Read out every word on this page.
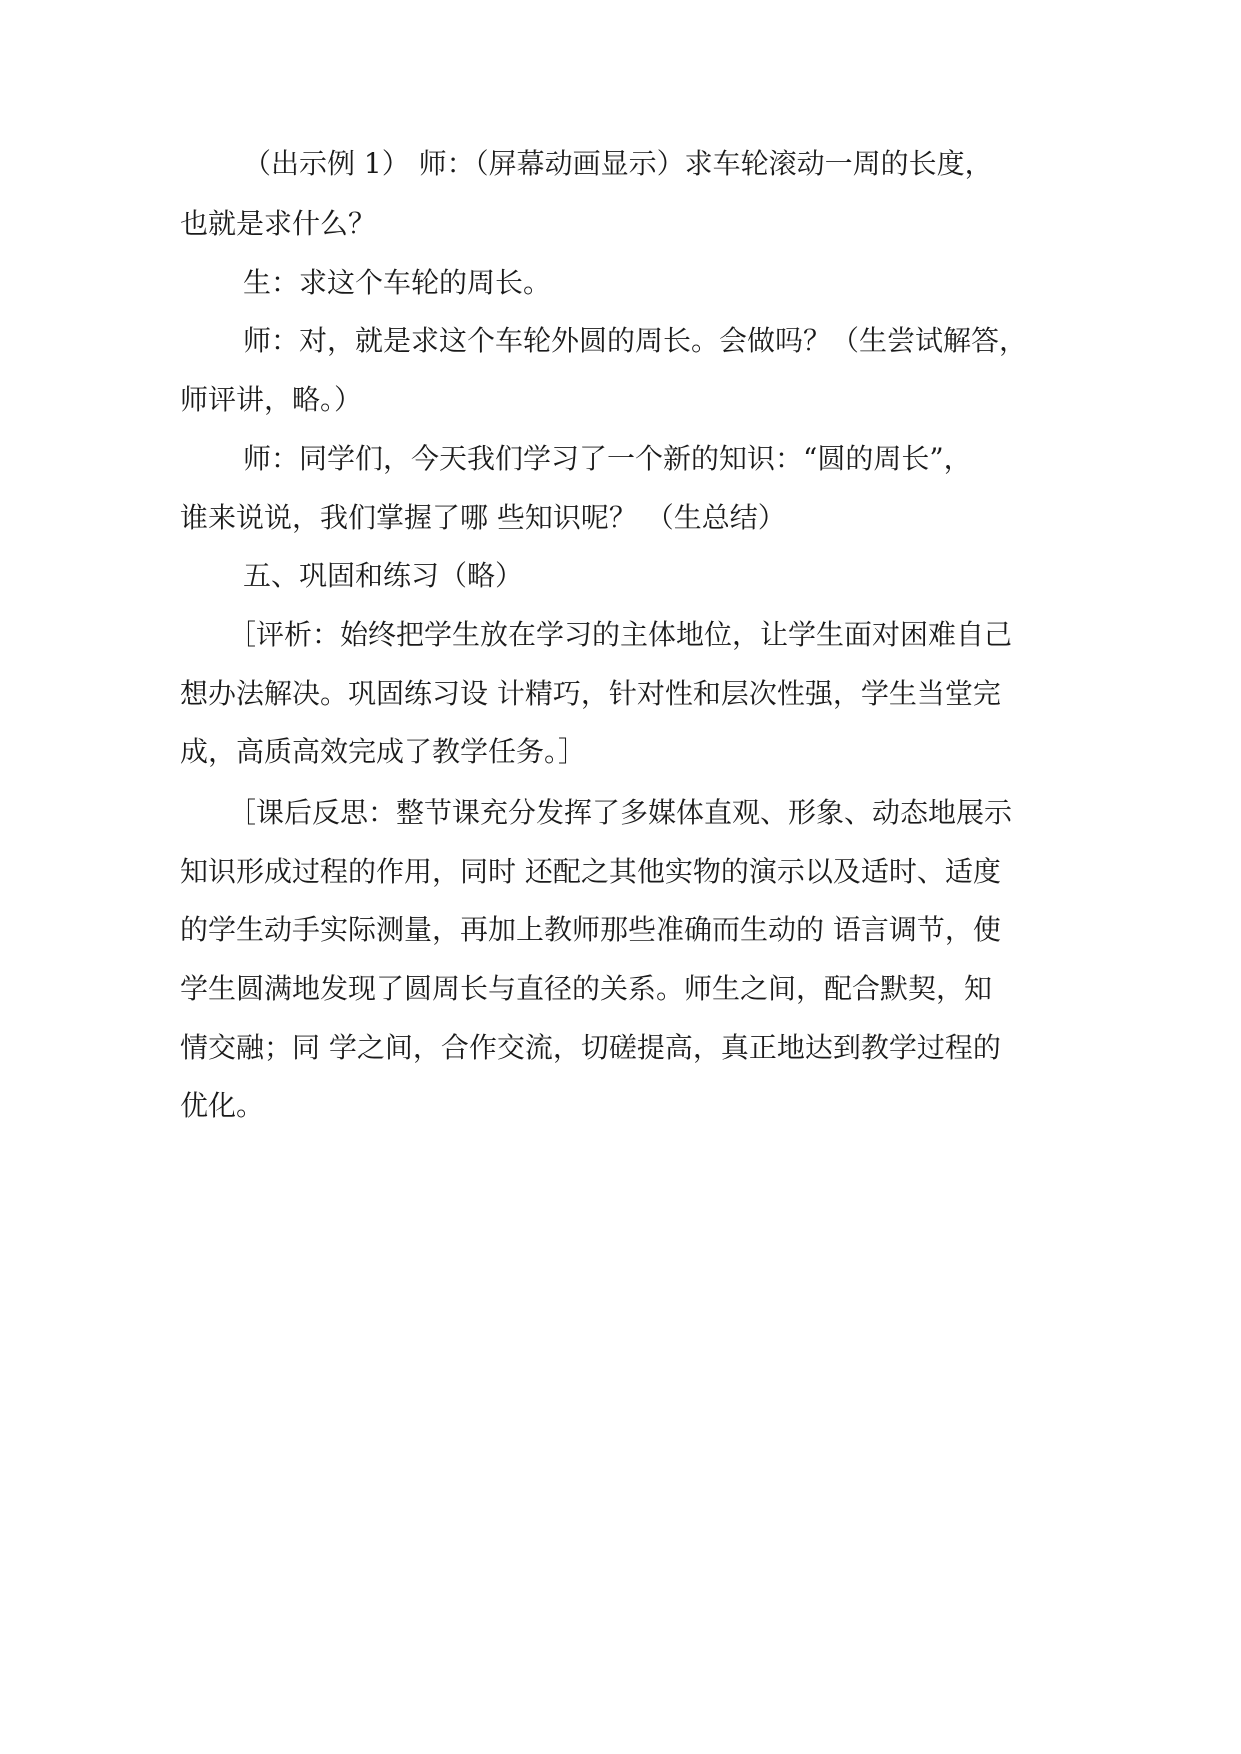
（出示例 1） 师：（屏幕动画显示）求车轮滚动一周的长度，
也就是求什么？
生：求这个车轮的周长。
师：对，就是求这个车轮外圆的周长。会做吗？（生尝试解答，
师评讲，略。）
师：同学们，今天我们学习了一个新的知识：“圆的周长”，
谁来说说，我们掌握了哪 些知识呢？ （生总结）
五、巩固和练习（略）
［评析：始终把学生放在学习的主体地位，让学生面对困难自己
想办法解决。巩固练习设 计精巧，针对性和层次性强，学生当堂完
成，高质高效完成了教学任务。］
［课后反思：整节课充分发挥了多媒体直观、形象、动态地展示
知识形成过程的作用，同时 还配之其他实物的演示以及适时、适度
的学生动手实际测量，再加上教师那些准确而生动的 语言调节，使
学生圆满地发现了圆周长与直径的关系。师生之间，配合默契，知
情交融；同 学之间，合作交流，切磋提高，真正地达到教学过程的
优化。
